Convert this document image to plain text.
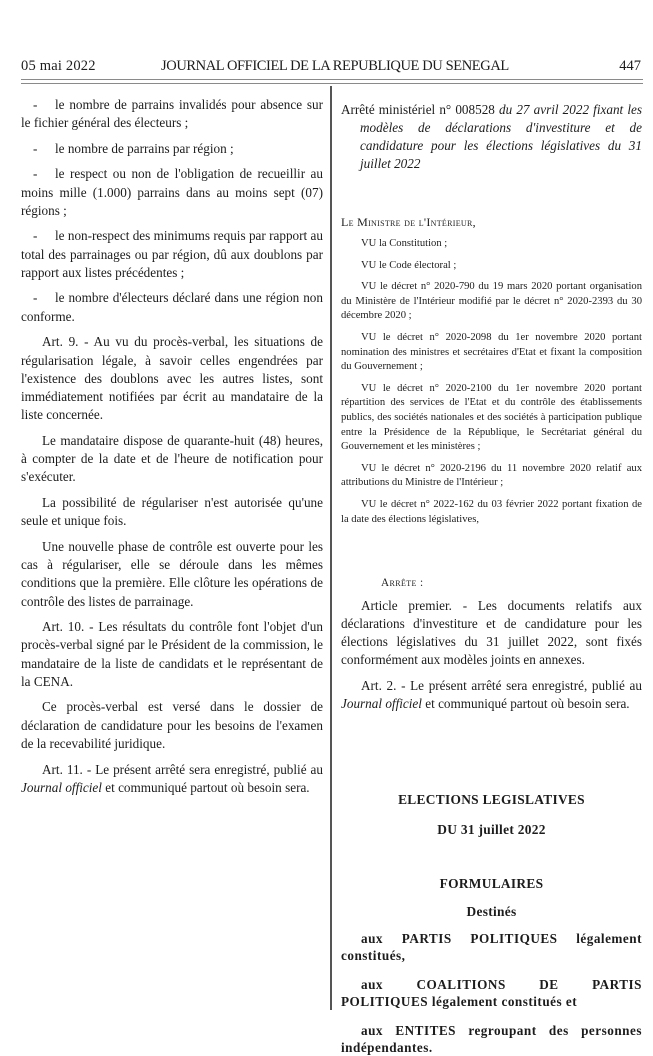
05 mai 2022	JOURNAL OFFICIEL DE LA REPUBLIQUE DU SENEGAL	447

- le nombre de parrains invalidés pour absence sur le fichier général des électeurs ;

- le nombre de parrains par région ;

- le respect ou non de l'obligation de recueillir au moins mille (1.000) parrains dans au moins sept (07) régions ;

- le non-respect des minimums requis par rapport au total des parrainages ou par région, dû aux doublons par rapport aux listes précédentes ;

- le nombre d'électeurs déclaré dans une région non conforme.

Art. 9. - Au vu du procès-verbal, les situations de régularisation légale, à savoir celles engendrées par l'existence des doublons avec les autres listes, sont immédiatement notifiées par écrit au mandataire de la liste concernée.

Le mandataire dispose de quarante-huit (48) heures, à compter de la date et de l'heure de notification pour s'exécuter.

La possibilité de régulariser n'est autorisée qu'une seule et unique fois.

Une nouvelle phase de contrôle est ouverte pour les cas à régulariser, elle se déroule dans les mêmes conditions que la première. Elle clôture les opérations de contrôle des listes de parrainage.

Art. 10. - Les résultats du contrôle font l'objet d'un procès-verbal signé par le Président de la commission, le mandataire de la liste de candidats et le représentant de la CENA.

Ce procès-verbal est versé dans le dossier de déclaration de candidature pour les besoins de l'examen de la recevabilité juridique.

Art. 11. - Le présent arrêté sera enregistré, publié au Journal officiel et communiqué partout où besoin sera.

Arrêté ministériel n° 008528 du 27 avril 2022 fixant les modèles de déclarations d'investiture et de candidature pour les élections législatives du 31 juillet 2022

Le Ministre de l'Intérieur,

VU la Constitution ;

VU le Code électoral ;

VU le décret n° 2020-790 du 19 mars 2020 portant organisation du Ministère de l'Intérieur modifié par le décret n° 2020-2393 du 30 décembre 2020 ;

VU le décret n° 2020-2098 du 1er novembre 2020 portant nomination des ministres et secrétaires d'Etat et fixant la composition du Gouvernement ;

VU le décret n° 2020-2100 du 1er novembre 2020 portant répartition des services de l'Etat et du contrôle des établissements publics, des sociétés nationales et des sociétés à participation publique entre la Présidence de la République, le Secrétariat général du Gouvernement et les ministères ;

VU le décret n° 2020-2196 du 11 novembre 2020 relatif aux attributions du Ministre de l'Intérieur ;

VU le décret n° 2022-162 du 03 février 2022 portant fixation de la date des élections législatives,

Arrête :

Article premier. - Les documents relatifs aux déclarations d'investiture et de candidature pour les élections législatives du 31 juillet 2022, sont fixés conformément aux modèles joints en annexes.

Art. 2. - Le présent arrêté sera enregistré, publié au Journal officiel et communiqué partout où besoin sera.

ELECTIONS LEGISLATIVES

DU 31 juillet 2022

FORMULAIRES

Destinés

aux PARTIS POLITIQUES légalement constitués,

aux COALITIONS DE PARTIS POLITIQUES légalement constitués et

aux ENTITES regroupant des personnes indépendantes.
